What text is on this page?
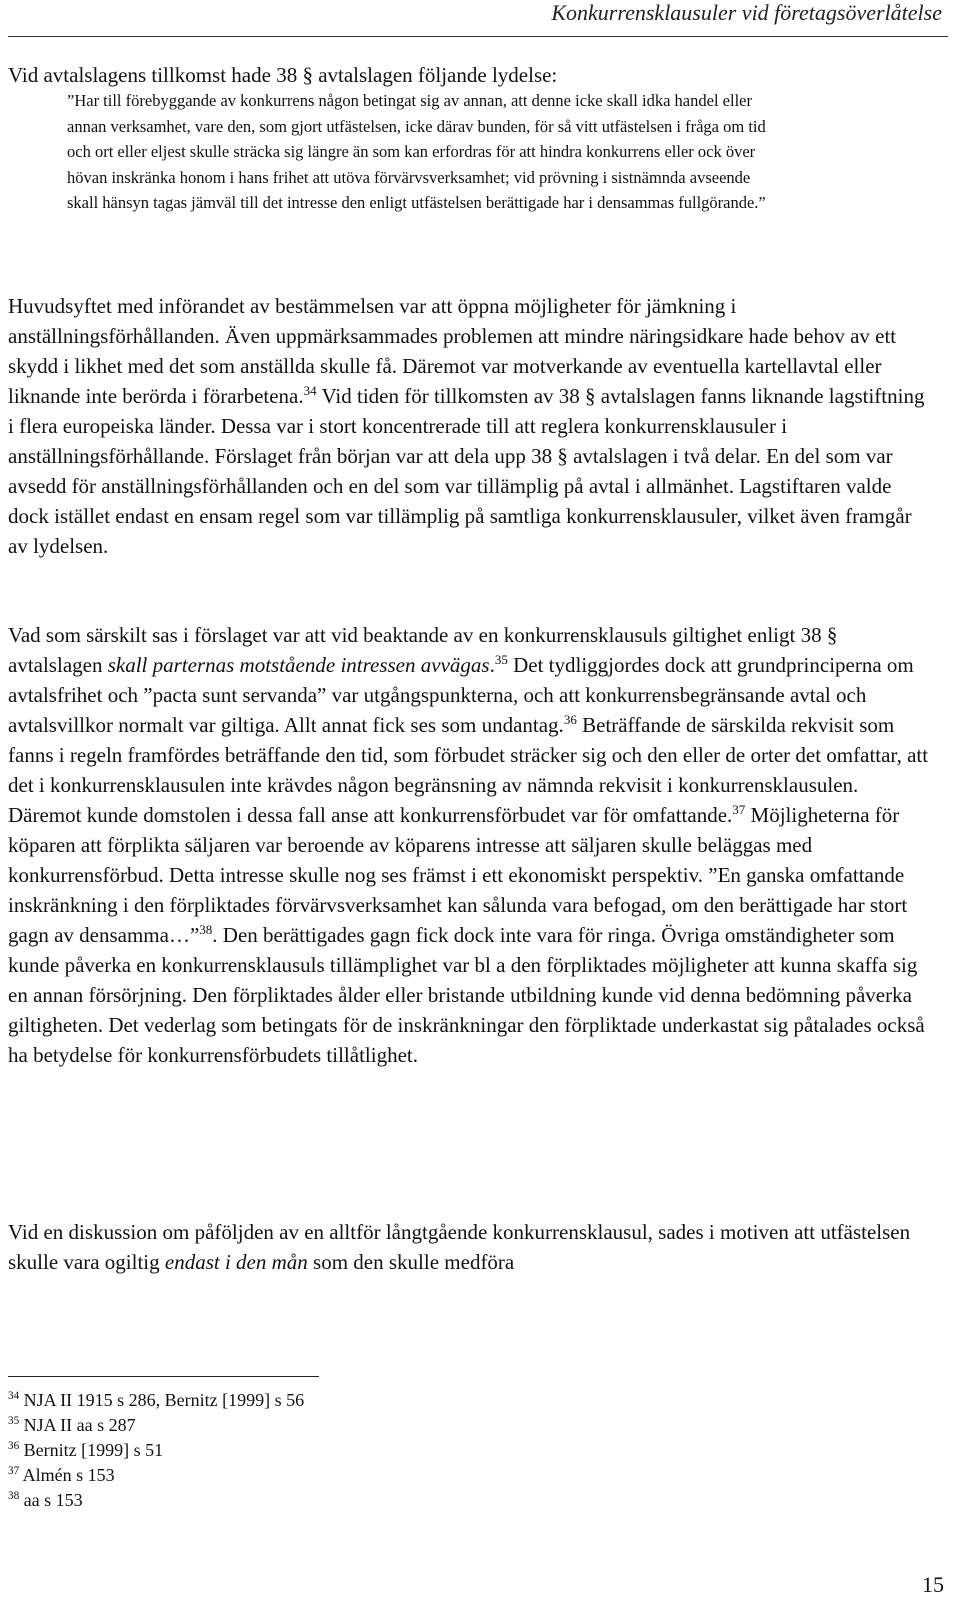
Konkurrensklausuler vid företagsöverlåtelse

Vid avtalslagens tillkomst hade 38 § avtalslagen följande lydelse:

”Har till förebyggande av konkurrens någon betingat sig av annan, att denne icke skall idka handel eller annan verksamhet, vare den, som gjort utfästelsen, icke därav bunden, för så vitt utfästelsen i fråga om tid och ort eller eljest skulle sträcka sig längre än som kan erfordras för att hindra konkurrens eller ock över hövan inskränka honom i hans frihet att utöva förvärvsverksamhet; vid prövning i sistnämnda avseende skall hänsyn tagas jämväl till det intresse den enligt utfästelsen berättigade har i densammas fullgörande.”

Huvudsyftet med införandet av bestämmelsen var att öppna möjligheter för jämkning i anställningsförhållanden. Även uppmärksammades problemen att mindre näringsidkare hade behov av ett skydd i likhet med det som anställda skulle få. Däremot var motverkande av eventuella kartellavtal eller liknande inte berörda i förarbetena.$^{34}$ Vid tiden för tillkomsten av 38 § avtalslagen fanns liknande lagstiftning i flera europeiska länder. Dessa var i stort koncentrerade till att reglera konkurrensklausuler i anställningsförhållande. Förslaget från början var att dela upp 38 § avtalslagen i två delar. En del som var avsedd för anställningsförhållanden och en del som var tillämplig på avtal i allmänhet. Lagstiftaren valde dock istället endast en ensam regel som var tillämplig på samtliga konkurrensklausuler, vilket även framgår av lydelsen.

Vad som särskilt sas i förslaget var att vid beaktande av en konkurrensklausuls giltighet enligt 38 § avtalslagen skall parternas motstående intressen avvägas.$^{35}$ Det tydliggjordes dock att grundprinciperna om avtalsfrihet och ”pacta sunt servanda” var utgångspunkterna, och att konkurrensbegränsande avtal och avtalsvillkor normalt var giltiga. Allt annat fick ses som undantag.$^{36}$ Beträffande de särskilda rekvisit som fanns i regeln framfördes beträffande den tid, som förbudet sträcker sig och den eller de orter det omfattar, att det i konkurrensklausulen inte krävdes någon begränsning av nämnda rekvisit i konkurrensklausulen. Däremot kunde domstolen i dessa fall anse att konkurrensförbudet var för omfattande.$^{37}$ Möjligheterna för köparen att förplikta säljaren var beroende av köparens intresse att säljaren skulle beläggas med konkurrensförbud. Detta intresse skulle nog ses främst i ett ekonomiskt perspektiv. ”En ganska omfattande inskränkning i den förpliktades förvärvsverksamhet kan sålunda vara befogad, om den berättigade har stort gagn av densamma…”$^{38}$. Den berättigades gagn fick dock inte vara för ringa. Övriga omständigheter som kunde påverka en konkurrensklausuls tillämplighet var bl a den förpliktades möjligheter att kunna skaffa sig en annan försörjning. Den förpliktades ålder eller bristande utbildning kunde vid denna bedömning påverka giltigheten. Det vederlag som betingats för de inskränkningar den förpliktade underkastat sig påtalades också ha betydelse för konkurrensförbudets tillåtlighet.

Vid en diskussion om påföljden av en alltför långtgående konkurrensklausul, sades i motiven att utfästelsen skulle vara ogiltig endast i den mån som den skulle medföra

$^{34}$ NJA II 1915 s 286, Bernitz [1999] s 56
$^{35}$ NJA II aa s 287
$^{36}$ Bernitz [1999] s 51
$^{37}$ Almén s 153
$^{38}$ aa s 153
15
